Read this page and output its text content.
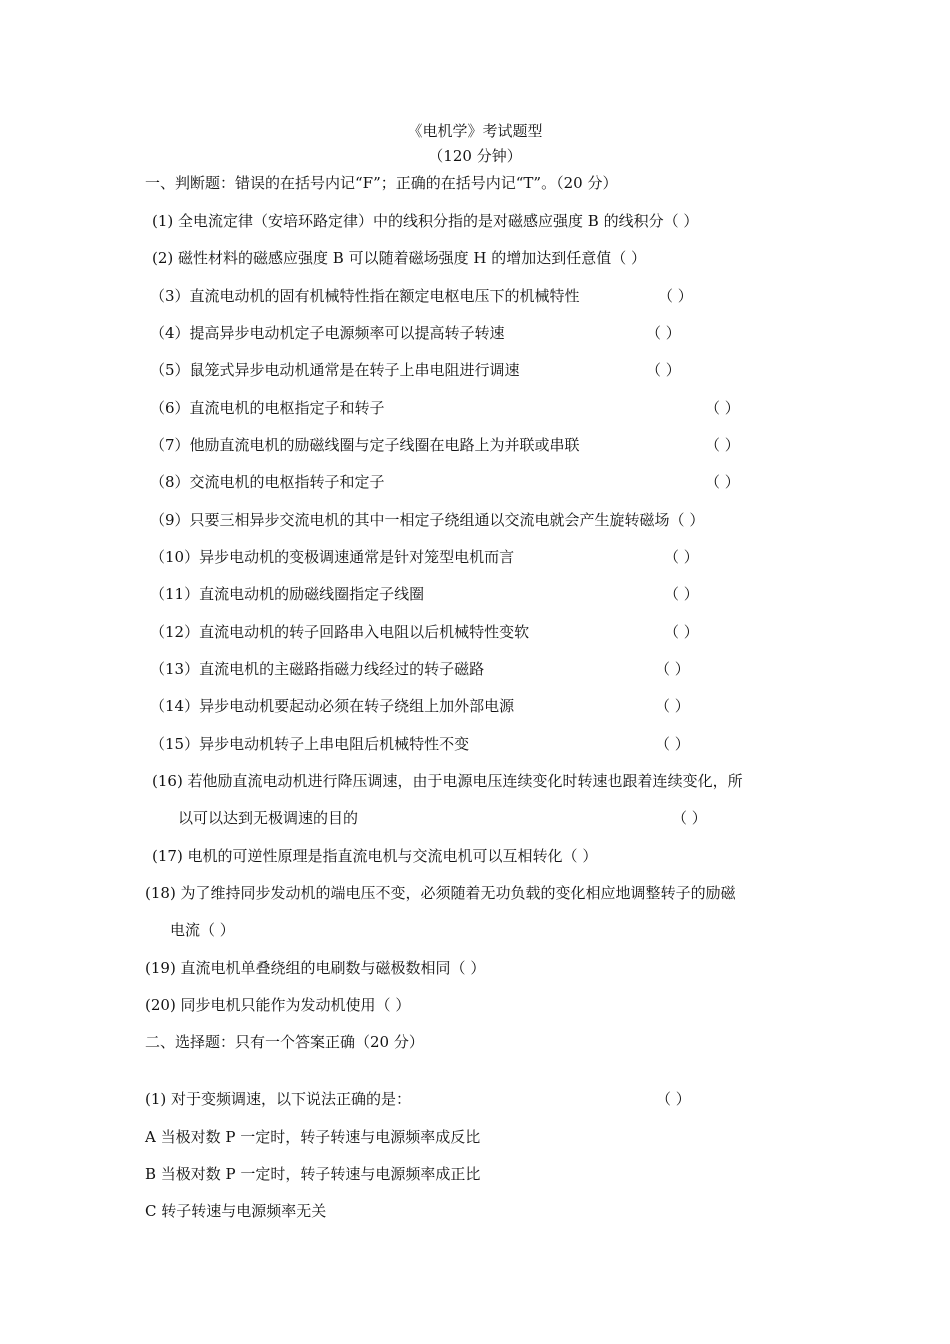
《电机学》考试题型
（120 分钟）
一、判断题：错误的在括号内记“F”；正确的在括号内记“T”。（20 分）
(1) 全电流定律（安培环路定律）中的线积分指的是对磁感应强度 B 的线积分（ ）
(2) 磁性材料的磁感应强度 B 可以随着磁场强度 H 的增加达到任意值（ ）
（3）直流电动机的固有机械特性指在额定电枢电压下的机械特性	（ ）
（4）提高异步电动机定子电源频率可以提高转子转速	（ ）
（5）鼠笼式异步电动机通常是在转子上串电阻进行调速	（ ）
（6）直流电机的电枢指定子和转子	（ ）
（7）他励直流电机的励磁线圈与定子线圈在电路上为并联或串联	（ ）
（8）交流电机的电枢指转子和定子	（ ）
（9）只要三相异步交流电机的其中一相定子绕组通以交流电就会产生旋转磁场（ ）
（10）异步电动机的变极调速通常是针对笼型电机而言	（ ）
（11）直流电动机的励磁线圈指定子线圈	（ ）
（12）直流电动机的转子回路串入电阻以后机械特性变软	（ ）
（13）直流电机的主磁路指磁力线经过的转子磁路	（ ）
（14）异步电动机要起动必须在转子绕组上加外部电源	（ ）
（15）异步电动机转子上串电阻后机械特性不变	（ ）
(16) 若他励直流电动机进行降压调速，由于电源电压连续变化时转速也跟着连续变化，所
以可以达到无极调速的目的	（ ）
(17) 电机的可逆性原理是指直流电机与交流电机可以互相转化（ ）
(18) 为了维持同步发动机的端电压不变，必须随着无功负载的变化相应地调整转子的励磁
电流（ ）
(19) 直流电机单叠绕组的电刷数与磁极数相同（ ）
(20) 同步电机只能作为发动机使用（ ）
二、选择题：只有一个答案正确（20 分）
(1) 对于变频调速，以下说法正确的是：	（ ）
A 当极对数 P 一定时，转子转速与电源频率成反比
B 当极对数 P 一定时，转子转速与电源频率成正比
C 转子转速与电源频率无关
